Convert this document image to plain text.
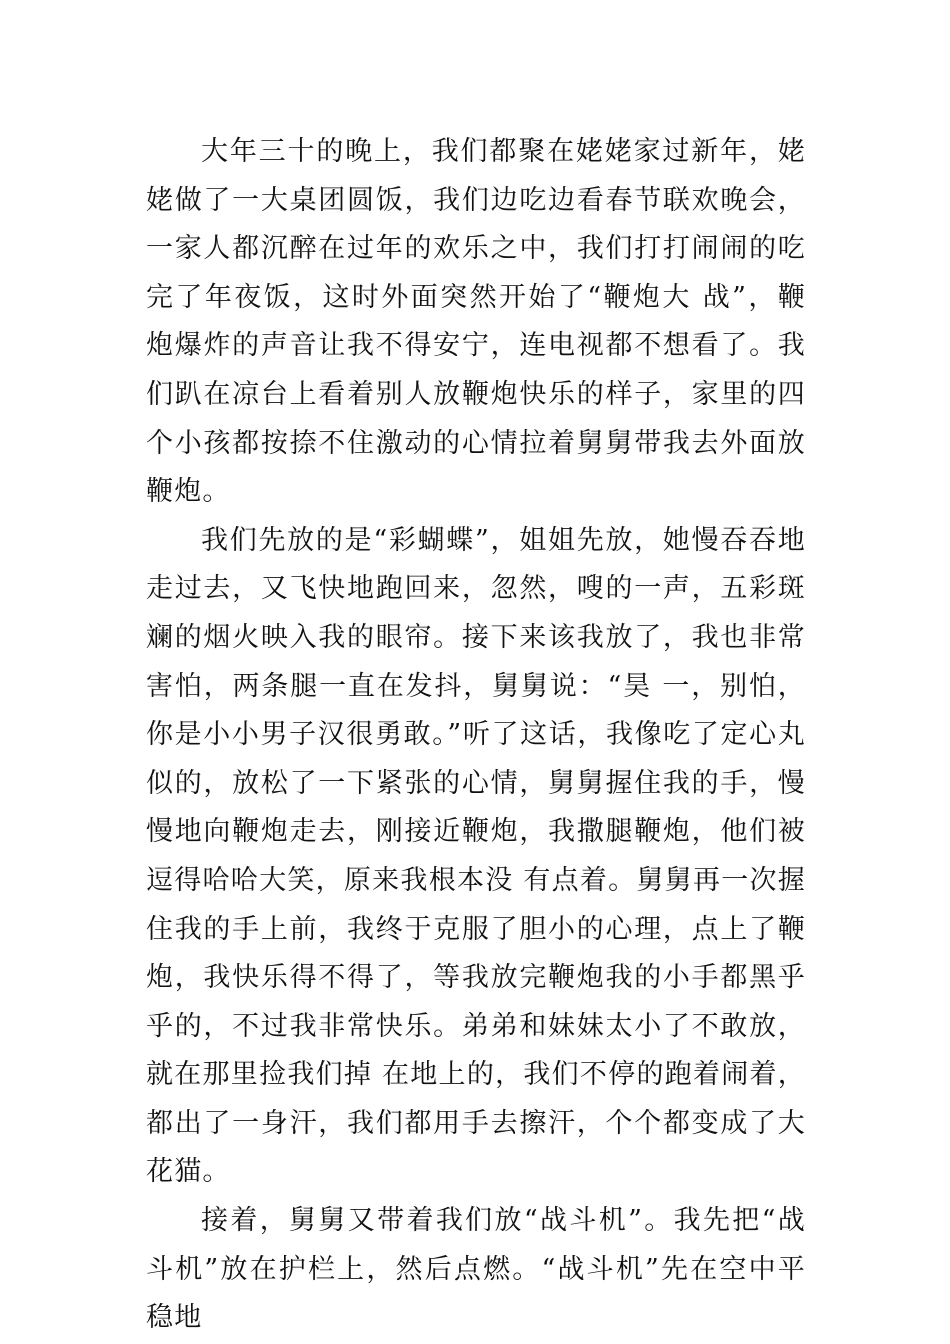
大年三十的晚上，我们都聚在姥姥家过新年，姥姥做了一大桌团圆饭，我们边吃边看春节联欢晚会，一家人都沉醉在过年的欢乐之中，我们打打闹闹的吃完了年夜饭，这时外面突然开始了“鞭炮大 战”，鞭炮爆炸的声音让我不得安宁，连电视都不想看了。我们趴在凉台上看着别人放鞭炮快乐的样子，家里的四个小孩都按捺不住激动的心情拉着舅舅带我去外面放鞭炮。

我们先放的是“彩蝴蝶”，姐姐先放，她慢吞吞地走过去，又飞快地跑回来，忽然，嗖的一声，五彩斑斓的烟火映入我的眼帘。接下来该我放了，我也非常害怕，两条腿一直在发抖，舅舅说：“昊 一，别怕，你是小小男子汉很勇敢。”听了这话，我像吃了定心丸似的，放松了一下紧张的心情，舅舅握住我的手，慢慢地向鞭炮走去，刚接近鞭炮，我撒腿鞭炮，他们被逗得哈哈大笑，原来我根本没 有点着。舅舅再一次握住我的手上前，我终于克服了胆小的心理，点上了鞭炮，我快乐得不得了，等我放完鞭炮我的小手都黑乎乎的，不过我非常快乐。弟弟和妹妹太小了不敢放，就在那里捡我们掉 在地上的，我们不停的跑着闹着，都出了一身汗，我们都用手去擦汗，个个都变成了大花猫。

接着，舅舅又带着我们放“战斗机”。我先把“战斗机”放在护栏上，然后点燃。“战斗机”先在空中平稳地
